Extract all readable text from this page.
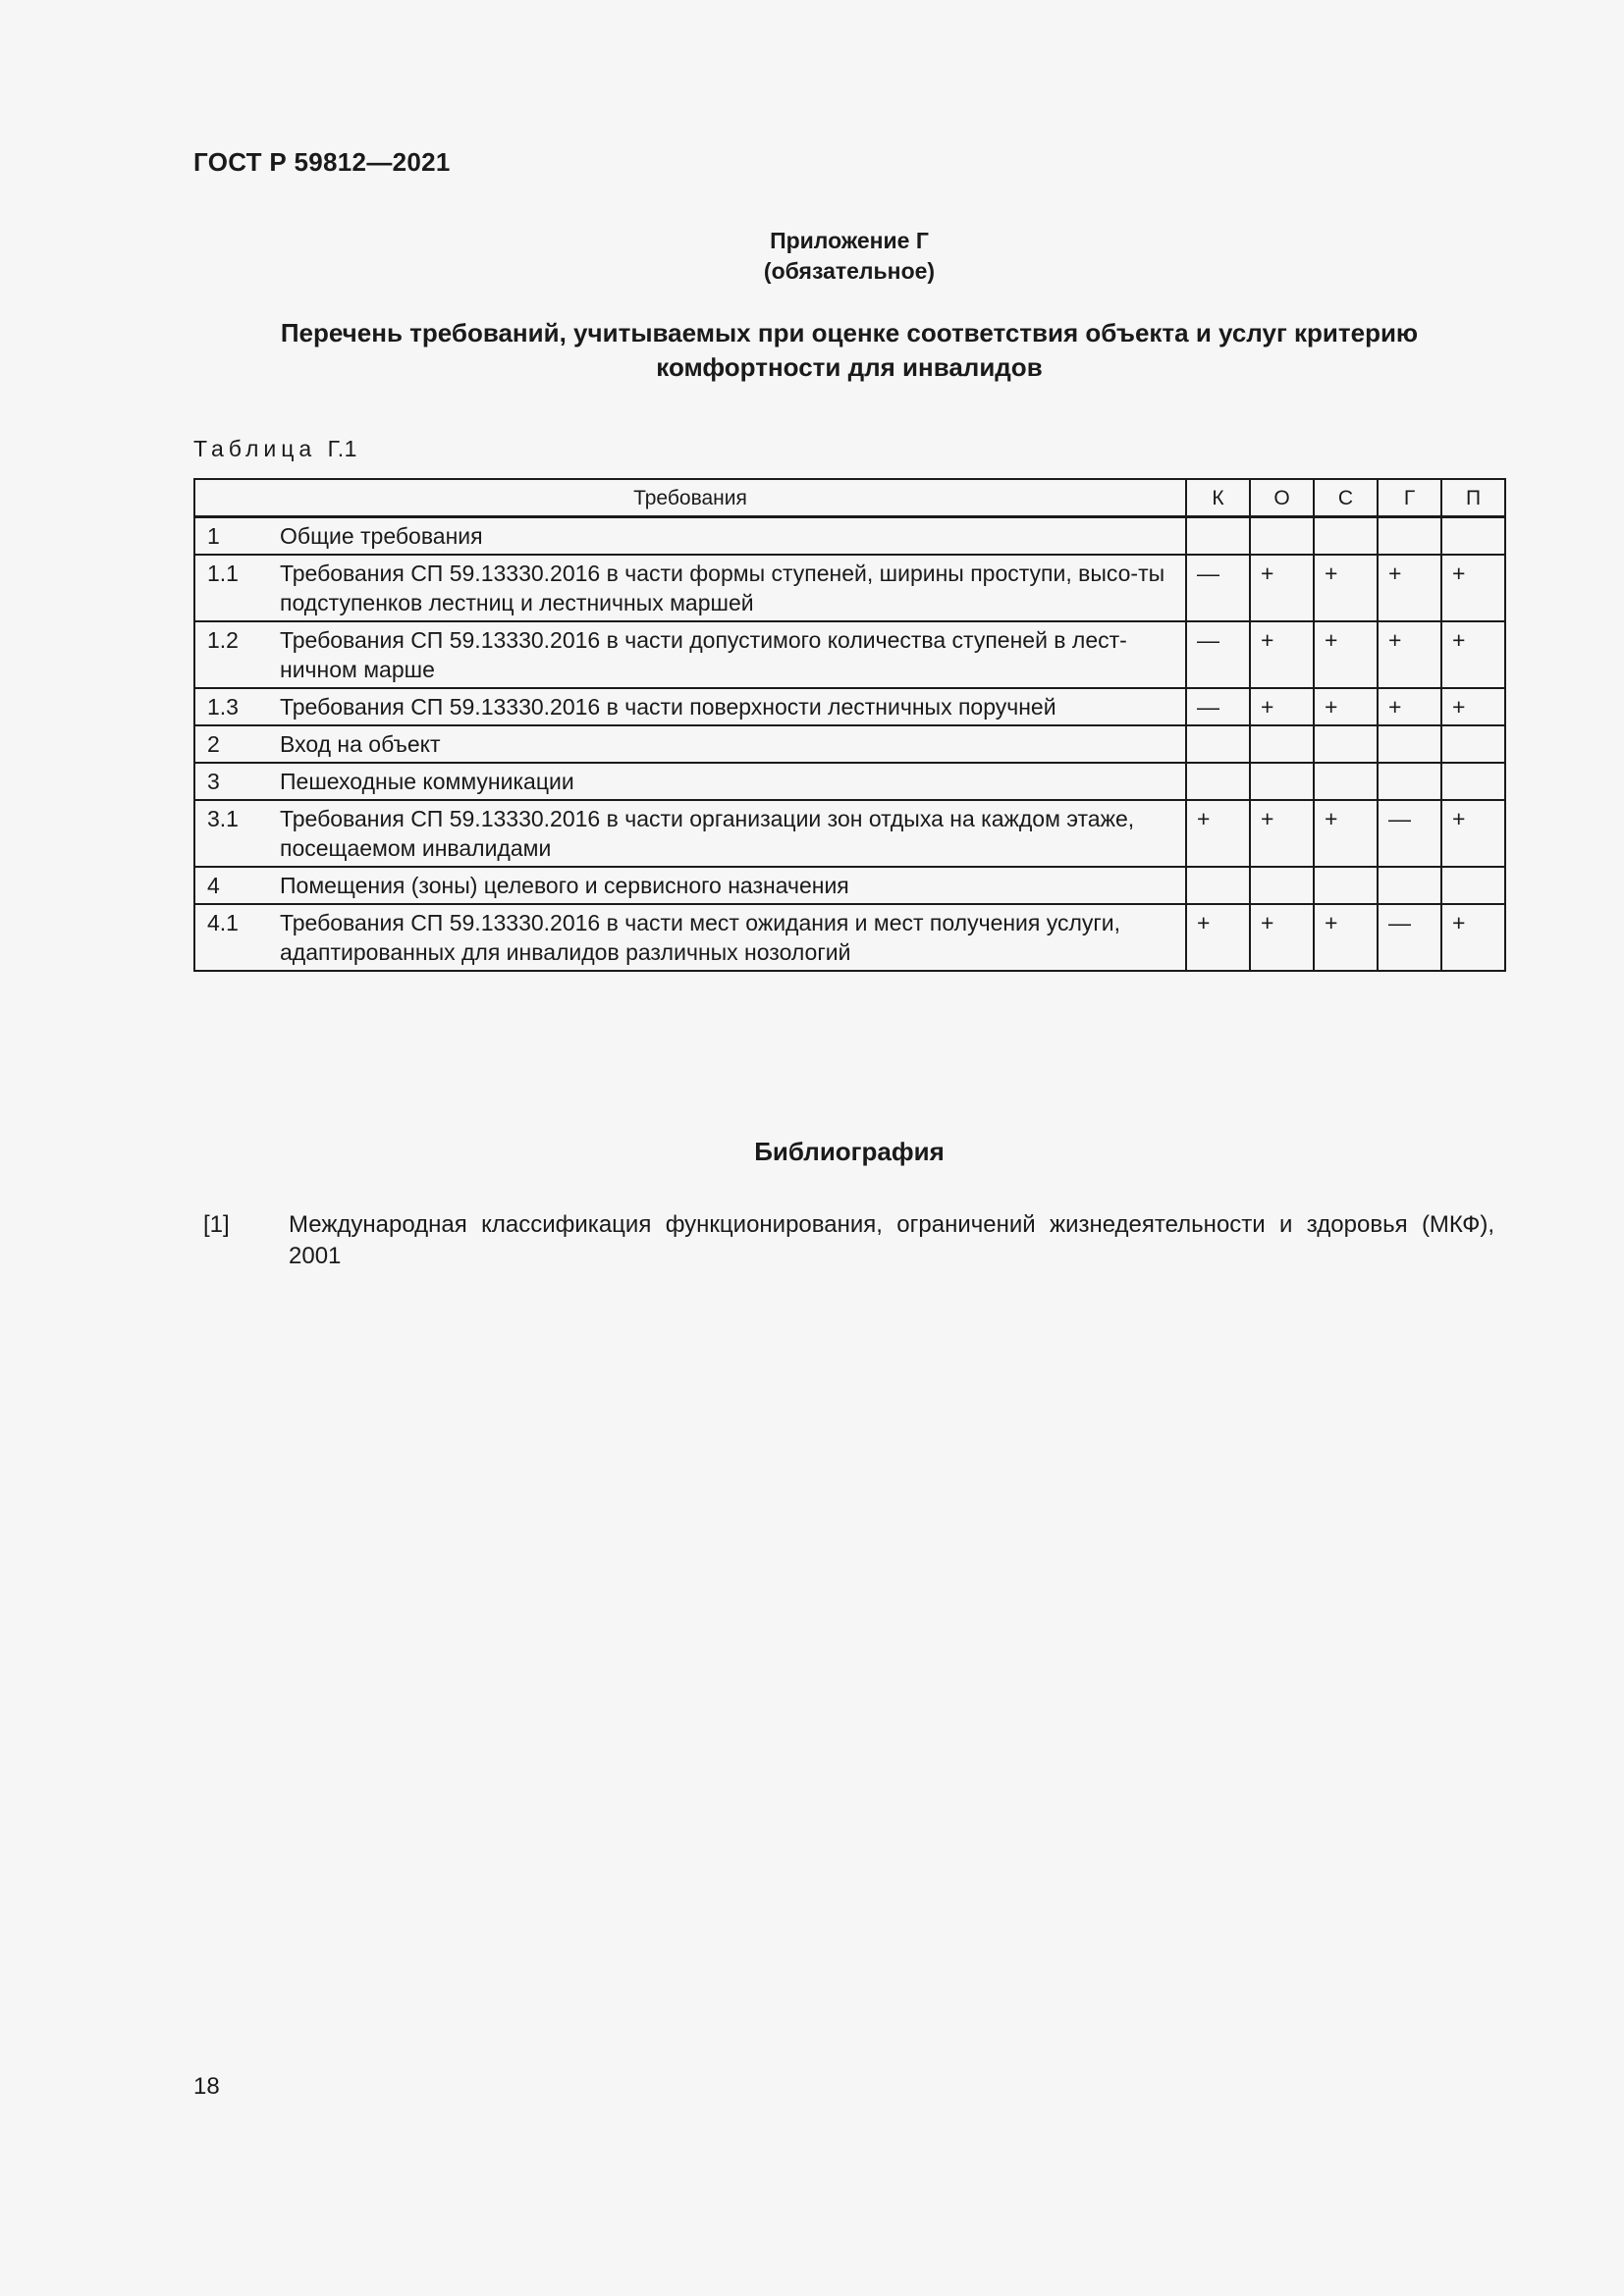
ГОСТ Р 59812—2021
Приложение Г
(обязательное)
Перечень требований, учитываемых при оценке соответствия объекта и услуг критерию
комфортности для инвалидов
Таблица Г.1
Требования		К	О	С	Г	П
1	Общие требования					
1.1	Требования СП 59.13330.2016 в части формы ступеней, ширины проступи, высо-ты подступенков лестниц и лестничных маршей	—	+	+	+	+
1.2	Требования СП 59.13330.2016 в части допустимого количества ступеней в лест-ничном марше	—	+	+	+	+
1.3	Требования СП 59.13330.2016 в части поверхности лестничных поручней	—	+	+	+	+
2	Вход на объект					
3	Пешеходные коммуникации					
3.1	Требования СП 59.13330.2016 в части организации зон отдыха на каждом этаже, посещаемом инвалидами	+	+	+	—	+
4	Помещения (зоны) целевого и сервисного назначения					
4.1	Требования СП 59.13330.2016 в части мест ожидания и мест получения услуги, адаптированных для инвалидов различных нозологий	+	+	+	—	+
Библиография
[1]	Международная классификация функционирования, ограничений жизнедеятельности и здоровья (МКФ), 2001
18
